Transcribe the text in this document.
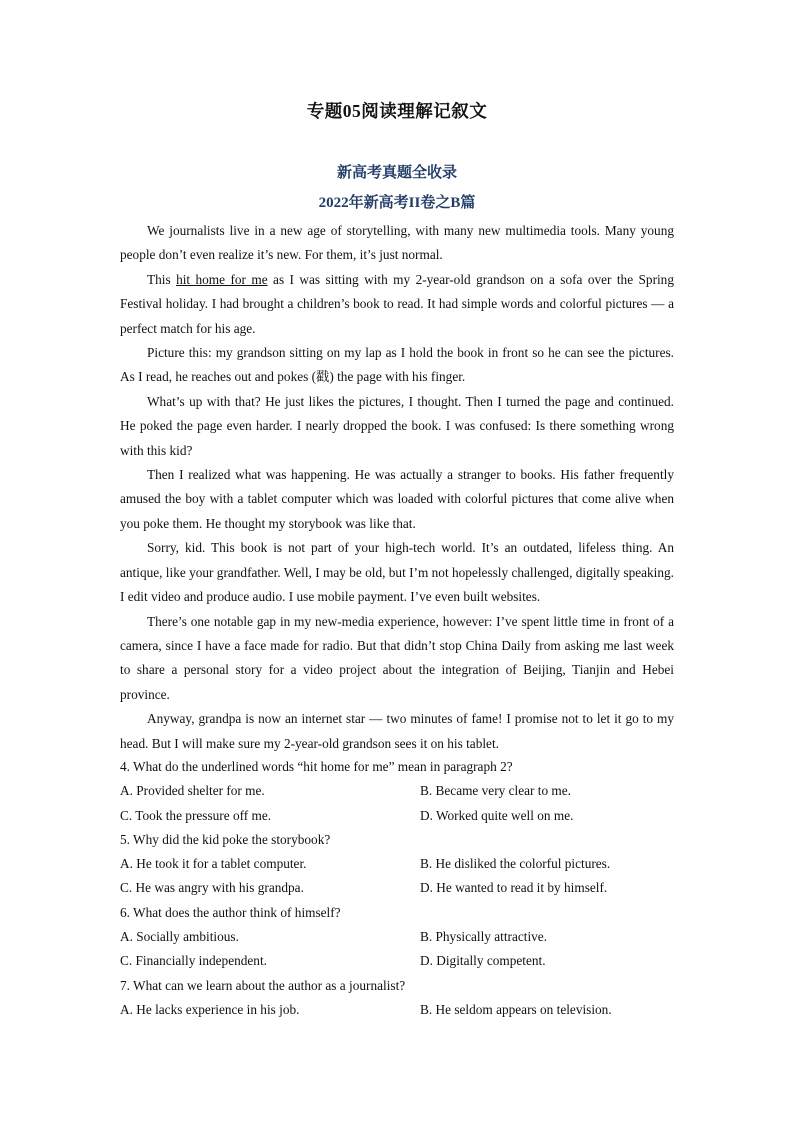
专题05阅读理解记叙文
新高考真题全收录
2022年新高考II卷之B篇

We journalists live in a new age of storytelling, with many new multimedia tools. Many young people don’t even realize it’s new. For them, it’s just normal.

This hit home for me as I was sitting with my 2-year-old grandson on a sofa over the Spring Festival holiday. I had brought a children’s book to read. It had simple words and colorful pictures — a perfect match for his age.

Picture this: my grandson sitting on my lap as I hold the book in front so he can see the pictures. As I read, he reaches out and pokes (戳) the page with his finger.

What’s up with that? He just likes the pictures, I thought. Then I turned the page and continued. He poked the page even harder. I nearly dropped the book. I was confused: Is there something wrong with this kid?

Then I realized what was happening. He was actually a stranger to books. His father frequently amused the boy with a tablet computer which was loaded with colorful pictures that come alive when you poke them. He thought my storybook was like that.

Sorry, kid. This book is not part of your high-tech world. It’s an outdated, lifeless thing. An antique, like your grandfather. Well, I may be old, but I’m not hopelessly challenged, digitally speaking. I edit video and produce audio. I use mobile payment. I’ve even built websites.

There’s one notable gap in my new-media experience, however: I’ve spent little time in front of a camera, since I have a face made for radio. But that didn’t stop China Daily from asking me last week to share a personal story for a video project about the integration of Beijing, Tianjin and Hebei province.

Anyway, grandpa is now an internet star — two minutes of fame! I promise not to let it go to my head. But I will make sure my 2-year-old grandson sees it on his tablet.

4. What do the underlined words “hit home for me” mean in paragraph 2?

A. Provided shelter for me.	B. Became very clear to me.
C. Took the pressure off me.	D. Worked quite well on me.

5. Why did the kid poke the storybook?

A. He took it for a tablet computer.	B. He disliked the colorful pictures.
C. He was angry with his grandpa.	D. He wanted to read it by himself.

6. What does the author think of himself?

A. Socially ambitious.	B. Physically attractive.
C. Financially independent.	D. Digitally competent.

7. What can we learn about the author as a journalist?

A. He lacks experience in his job.	B. He seldom appears on television.
